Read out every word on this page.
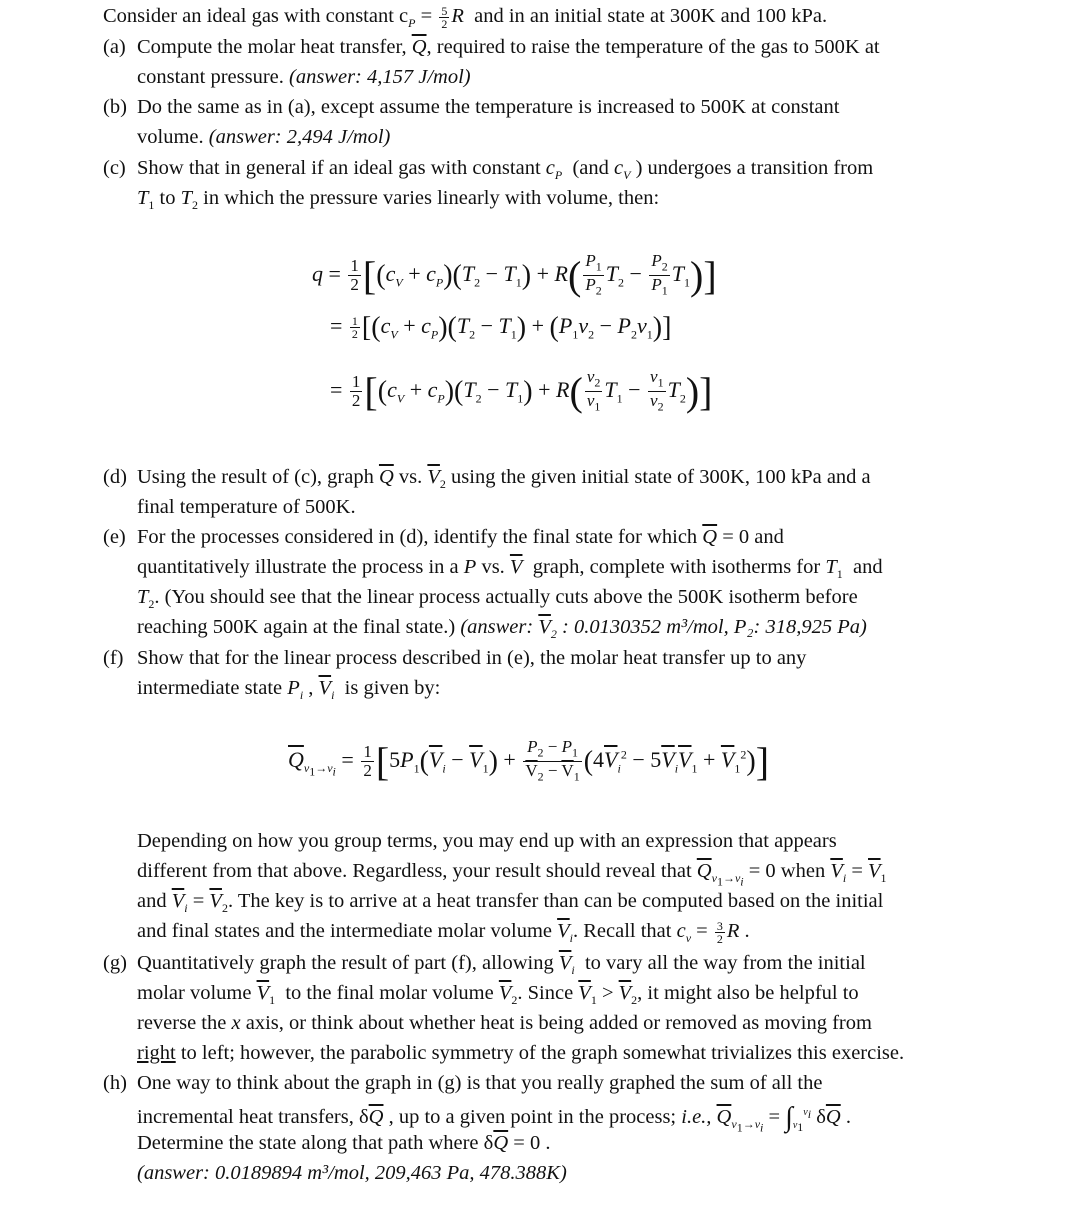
Consider an ideal gas with constant $c_P = \frac{5}{2}$ R and in an initial state at 300K and 100 kPa.
(a) Compute the molar heat transfer, $\overline{Q}$, required to raise the temperature of the gas to 500K at
constant pressure. (answer: 4,157 J/mol)
(b) Do the same as in (a), except assume the temperature is increased to 500K at constant
volume. (answer: 2,494 J/mol)
(c) Show that in general if an ideal gas with constant $c_P$ (and $c_V$ ) undergoes a transition from
$T_1$ to $T_2$ in which the pressure varies linearly with volume, then:
$q = \frac{1}{2} [(c_V + c_P)(T_2 - T_1) + R( \frac{P_1}{P_2} T_2 - \frac{P_2}{P_1} T_1)]$
= $\frac{1}{2} [(c_V + c_P)(T_2 - T_1) + (P_1v_2 - P_2v_1)]$
= $\frac{1}{2} [(c_V + c_P)(T_2 - T_1) + R( \frac{v_2}{v_1} T_1 - \frac{v_1}{v_2} T_2)]$
(d) Using the result of (c), graph $\overline{Q}$ vs. $\overline{V}_2$ using the given initial state of 300K, 100 kPa and a
final temperature of 500K.
(e) For the processes considered in (d), identify the final state for which $\overline{Q} = 0$ and
quantitatively illustrate the process in a P vs. $\overline{V}$ graph, complete with isotherms for $T_1$ and
$T_2$. (You should see that the linear process actually cuts above the 500K isotherm before
reaching 500K again at the final state.) (answer: $\overline{V}_2$ : 0.0130352 m³/mol, P₂: 318,925 Pa)
(f) Show that for the linear process described in (e), the molar heat transfer up to any
intermediate state $P_i$ , $\overline{V}_i$ is given by:
$\overline{Q}_{v_1\to v_i} = \frac{1}{2} [5P_1(\overline{V}_i - \overline{V}_1) + \frac{P_2 - P_1}{\overline{V}_2 - \overline{V}_1} (4\overline{V}_i^2 - 5\overline{V}_i\overline{V}_1 + \overline{V}_1^2)]$
Depending on how you group terms, you may end up with an expression that appears
different from that above. Regardless, your result should reveal that $\overline{Q}_{v_1\to v_i} = 0$ when $\overline{V}_i = \overline{V}_1$
and $\overline{V}_i = \overline{V}_2$. The key is to arrive at a heat transfer than can be computed based on the initial
and final states and the intermediate molar volume $\overline{V}_i$. Recall that $c_v = \frac{3}{2}$ R .
(g) Quantitatively graph the result of part (f), allowing $\overline{V}_i$ to vary all the way from the initial
molar volume $\overline{V}_1$ to the final molar volume $\overline{V}_2$. Since $\overline{V}_1 > \overline{V}_2$, it might also be helpful to
reverse the x axis, or think about whether heat is being added or removed as moving from
right to left; however, the parabolic symmetry of the graph somewhat trivializes this exercise.
(h) One way to think about the graph in (g) is that you really graphed the sum of all the
incremental heat transfers, $\delta\overline{Q}$ , up to a given point in the process; i.e., $\overline{Q}_{v_1\to v_i} = \int_{v_1}^{v_i}$ $\delta\overline{Q}$ .
Determine the state along that path where $\delta\overline{Q} = 0$ .
(answer: 0.0189894 m³/mol, 209,463 Pa, 478.388K)
